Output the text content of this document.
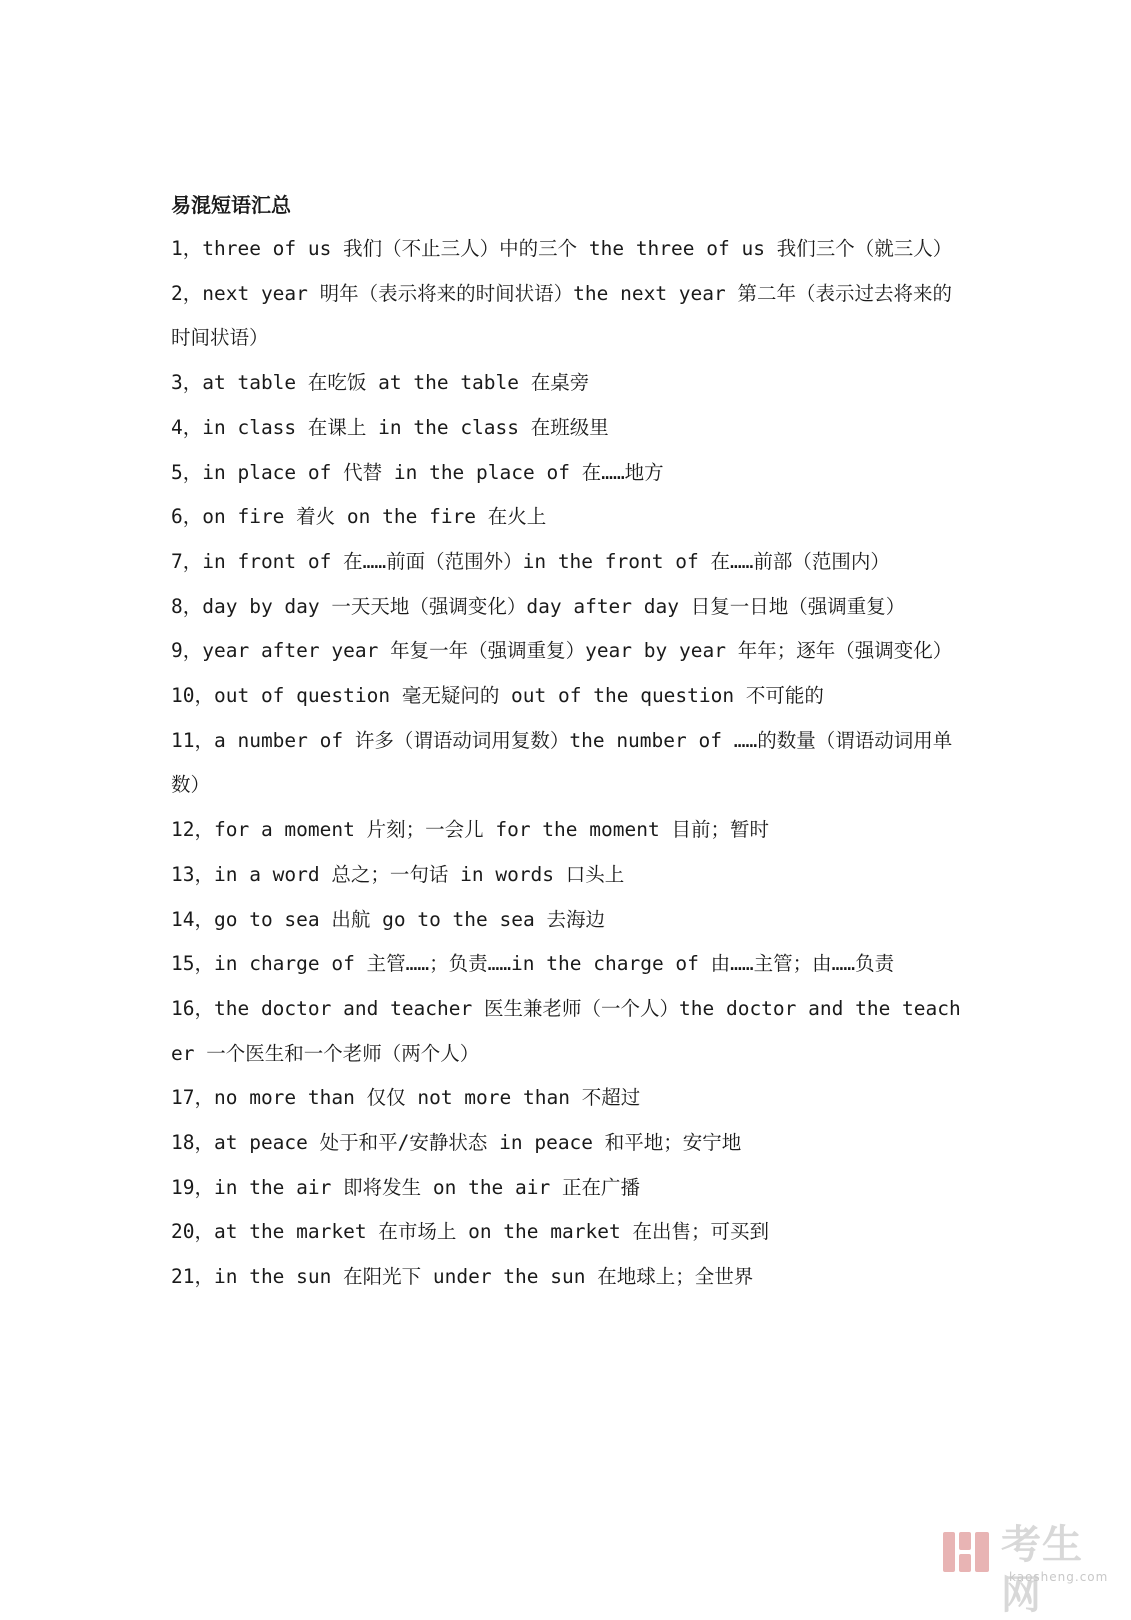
易混短语汇总

1，three of us 我们（不止三人）中的三个 the three of us 我们三个（就三人）

2，next year 明年（表示将来的时间状语）the next year 第二年（表示过去将来的时间状语）

3，at table 在吃饭 at the table 在桌旁

4，in class 在课上 in the class 在班级里

5，in place of 代替 in the place of 在……地方

6，on fire 着火 on the fire 在火上

7，in front of 在……前面（范围外）in the front of 在……前部（范围内）

8，day by day 一天天地（强调变化）day after day 日复一日地（强调重复）

9，year after year 年复一年（强调重复）year by year 年年；逐年（强调变化）

10，out of question 毫无疑问的 out of the question 不可能的

11，a number of 许多（谓语动词用复数）the number of ……的数量（谓语动词用单数）

12，for a moment 片刻；一会儿 for the moment 目前；暂时

13，in a word 总之；一句话 in words 口头上

14，go to sea 出航 go to the sea 去海边

15，in charge of 主管……；负责……in the charge of 由……主管；由……负责

16，the doctor and teacher 医生兼老师（一个人）the doctor and the teacher 一个医生和一个老师（两个人）

17，no more than 仅仅 not more than 不超过

18，at peace 处于和平/安静状态 in peace 和平地；安宁地

19，in the air 即将发生 on the air 正在广播

20，at the market 在市场上 on the market 在出售；可买到

21，in the sun 在阳光下 under the sun 在地球上；全世界

考生网
kaosheng.com
